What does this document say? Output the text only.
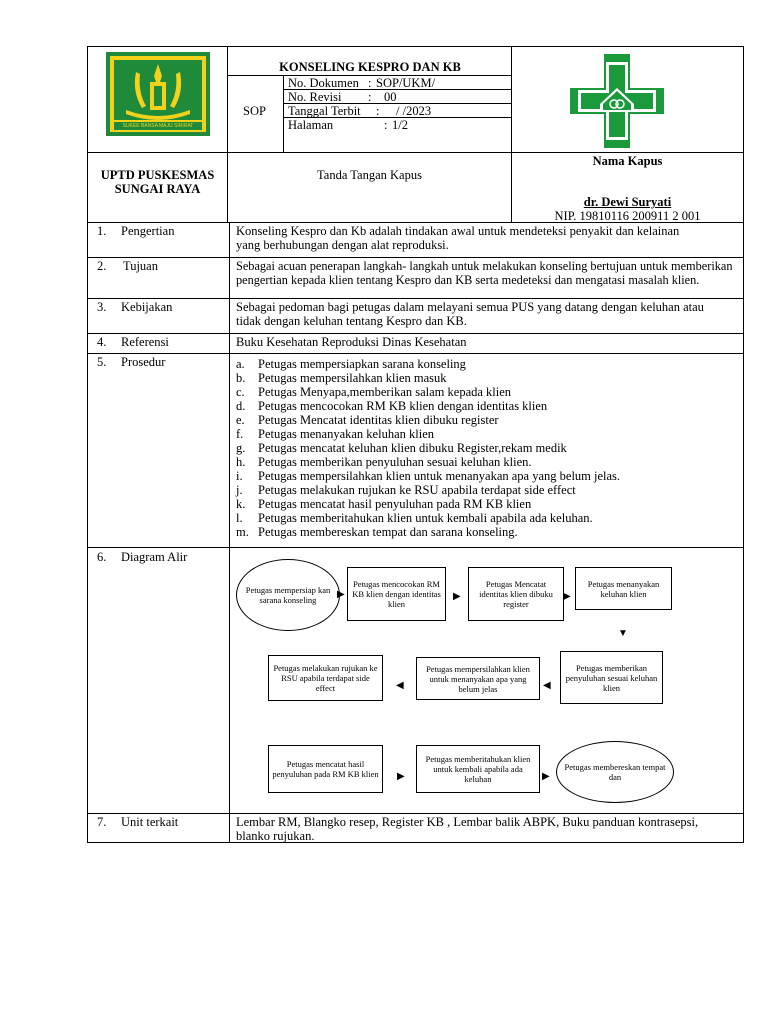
SUKEE BANSA MAJU SIRIRAT
KONSELING KESPRO DAN KB
SOP
No. Dokumen : SOP/UKM/
No. Revisi : 00
Tanggal Terbit : / /2023
Halaman	: 1/2
UPTD PUSKESMAS
SUNGAI RAYA
Tanda Tangan Kapus
Nama Kapus
dr. Dewi Suryati
NIP. 19810116 200911 2 001
1. Pengertian	Konseling Kespro dan Kb adalah tindakan awal untuk mendeteksi penyakit dan kelainan yang berhubungan dengan alat reproduksi.
2. Tujuan	Sebagai acuan penerapan langkah- langkah untuk melakukan konseling bertujuan untuk memberikan pengertian kepada klien tentang Kespro dan KB serta medeteksi dan mengatasi masalah klien.
3. Kebijakan	Sebagai pedoman bagi petugas dalam melayani semua PUS yang datang dengan keluhan atau tidak dengan keluhan tentang Kespro dan KB.
4. Referensi	Buku Kesehatan Reproduksi Dinas Kesehatan
5. Prosedur	a. Petugas mempersiapkan sarana konseling
b. Petugas mempersilahkan klien masuk
c. Petugas Menyapa,memberikan salam kepada klien
d. Petugas mencocokan RM KB klien dengan identitas klien
e. Petugas Mencatat identitas klien dibuku register
f. Petugas menanyakan keluhan klien
g. Petugas mencatat keluhan klien dibuku Register,rekam medik
h. Petugas memberikan penyuluhan sesuai keluhan klien.
i. Petugas mempersilahkan klien untuk menanyakan apa yang belum jelas.
j. Petugas melakukan rujukan ke RSU apabila terdapat side effect
k. Petugas mencatat hasil penyuluhan pada RM KB klien
l. Petugas memberitahukan klien untuk kembali apabila ada keluhan.
m. Petugas membereskan tempat dan sarana konseling.
6. Diagram Alir
Petugas mempersiap kan sarana konseling
Petugas mencocokan RM KB klien dengan identitas klien
Petugas Mencatat identitas klien dibuku register
Petugas menanyakan keluhan klien
Petugas memberikan penyuluhan sesuai keluhan klien
Petugas mempersilahkan klien untuk menanyakan apa yang belum jelas
Petugas melakukan rujukan ke RSU apabila terdapat side effect
Petugas mencatat hasil penyuluhan pada RM KB klien
Petugas memberitahukan klien untuk kembali apabila ada keluhan
Petugas membereskan tempat dan
▶	▶	▶
▼
◀
◀
▶	▶
7. Unit terkait	Lembar RM, Blangko resep, Register KB , Lembar balik ABPK, Buku panduan kontrasepsi, blanko rujukan.
